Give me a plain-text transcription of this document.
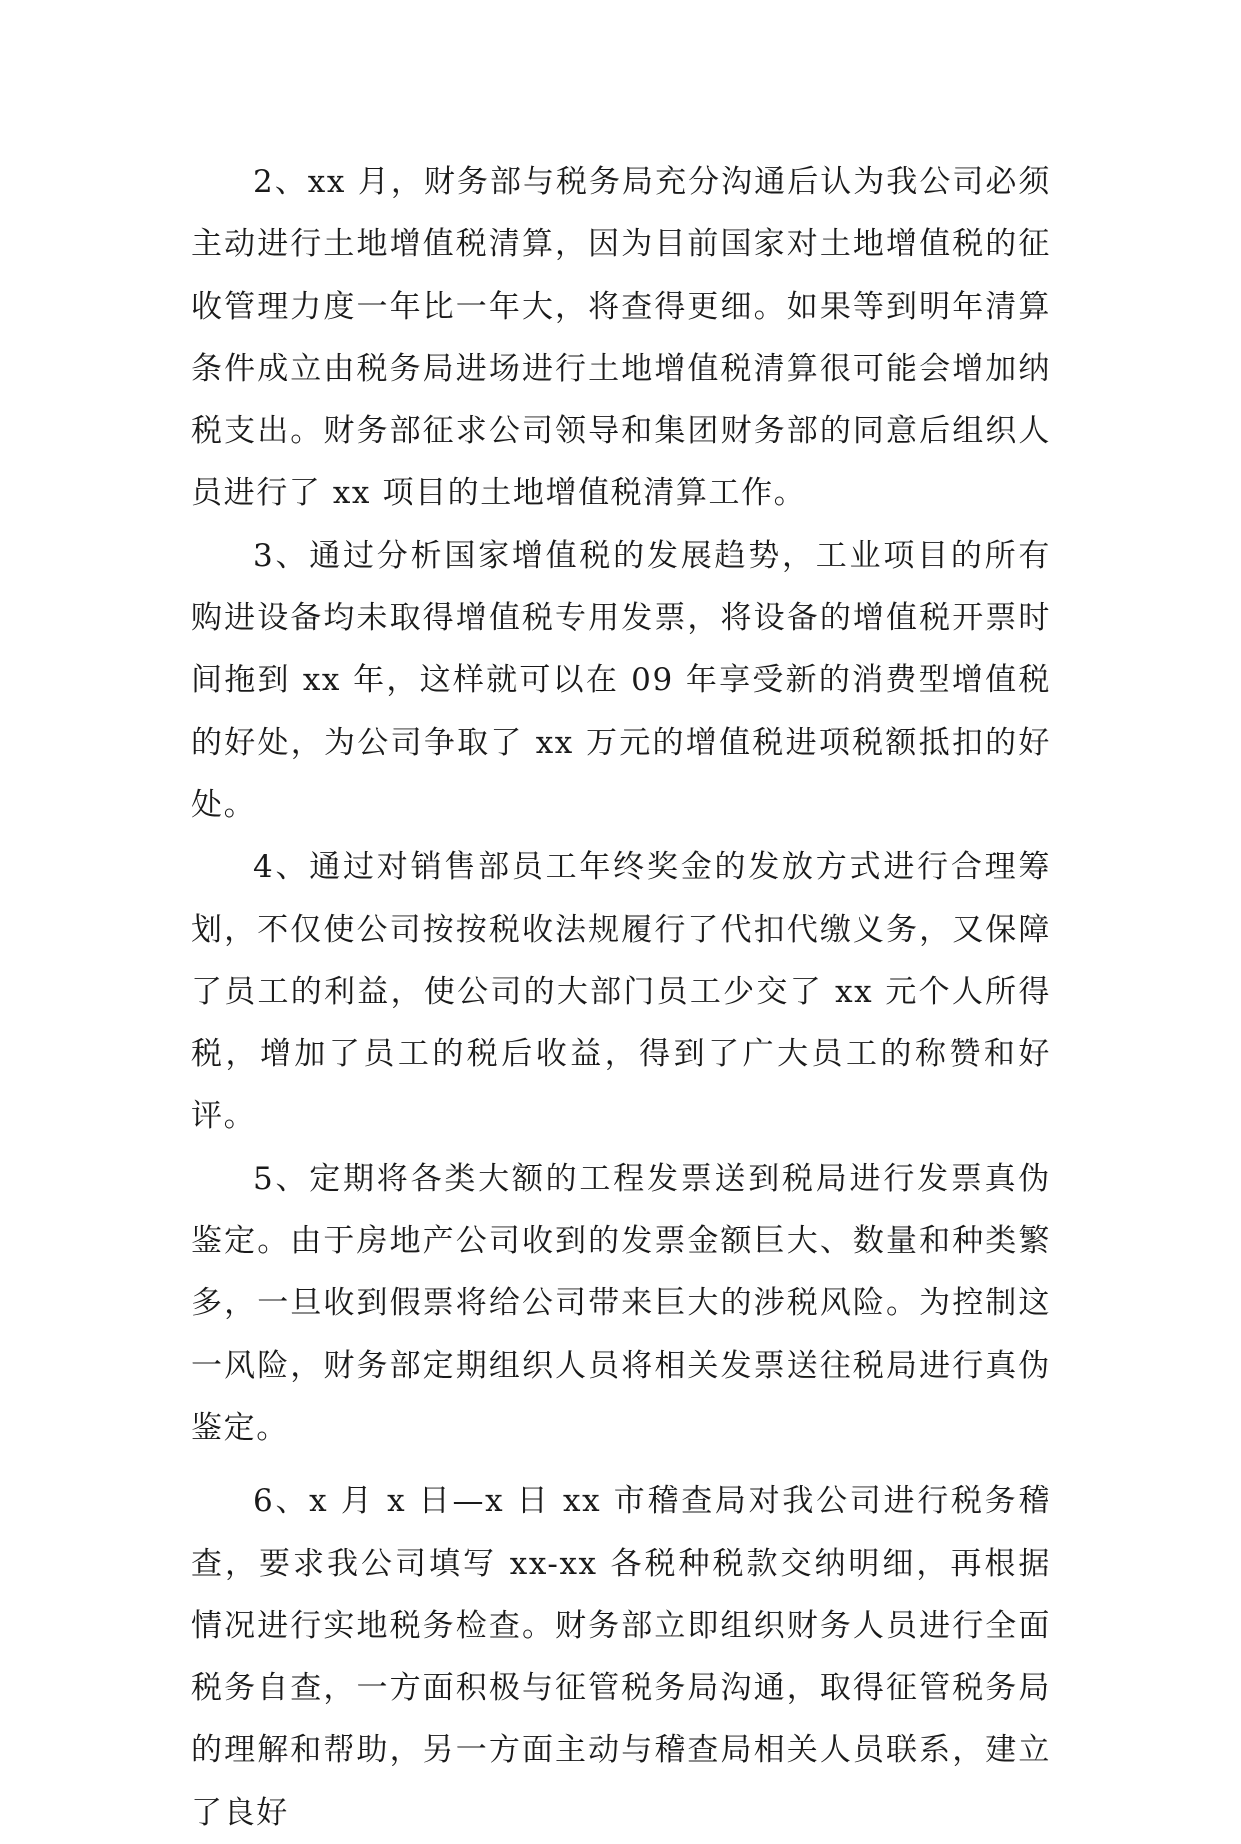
2、xx 月，财务部与税务局充分沟通后认为我公司必须主动进行土地增值税清算，因为目前国家对土地增值税的征收管理力度一年比一年大，将查得更细。如果等到明年清算条件成立由税务局进场进行土地增值税清算很可能会增加纳税支出。财务部征求公司领导和集团财务部的同意后组织人员进行了 xx 项目的土地增值税清算工作。

3、通过分析国家增值税的发展趋势，工业项目的所有购进设备均未取得增值税专用发票，将设备的增值税开票时间拖到 xx 年，这样就可以在 09 年享受新的消费型增值税的好处，为公司争取了 xx 万元的增值税进项税额抵扣的好处。

4、通过对销售部员工年终奖金的发放方式进行合理筹划，不仅使公司按按税收法规履行了代扣代缴义务，又保障了员工的利益，使公司的大部门员工少交了 xx 元个人所得税，增加了员工的税后收益，得到了广大员工的称赞和好评。

5、定期将各类大额的工程发票送到税局进行发票真伪鉴定。由于房地产公司收到的发票金额巨大、数量和种类繁多，一旦收到假票将给公司带来巨大的涉税风险。为控制这一风险，财务部定期组织人员将相关发票送往税局进行真伪鉴定。

6、x 月 x 日—x 日 xx 市稽查局对我公司进行税务稽查，要求我公司填写 xx-xx 各税种税款交纳明细，再根据情况进行实地税务检查。财务部立即组织财务人员进行全面税务自查，一方面积极与征管税务局沟通，取得征管税务局的理解和帮助，另一方面主动与稽查局相关人员联系，建立了良好
